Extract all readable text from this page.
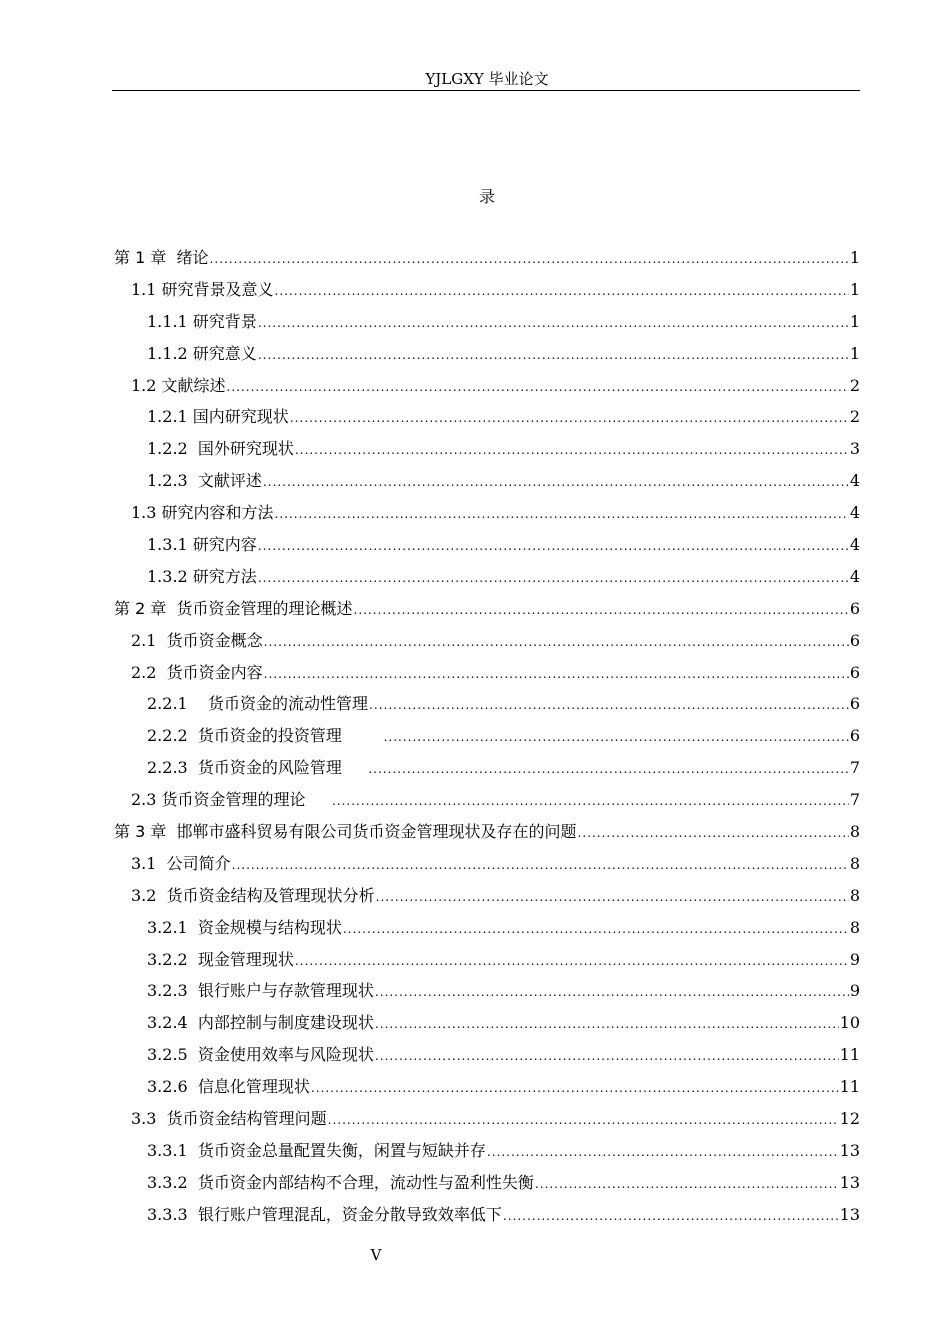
YJLGXY 毕业论文
录
第 1 章  绪论 .....	1
1.1 研究背景及意义 .....	1
1.1.1 研究背景 .....	1
1.1.2 研究意义 .....	1
1.2 文献综述 .....	2
1.2.1 国内研究现状 .....	2
1.2.2  国外研究现状 .....	3
1.2.3  文献评述 .....	4
1.3 研究内容和方法 .....	4
1.3.1 研究内容 .....	4
1.3.2 研究方法 .....	4
第 2 章  货币资金管理的理论概述 .....	6
2.1  货币资金概念 .....	6
2.2  货币资金内容 .....	6
2.2.1    货币资金的流动性管理 .....	6
2.2.2  货币资金的投资管理 .....	6
2.2.3  货币资金的风险管理 .....	7
2.3 货币资金管理的理论 .....	7
第 3 章  邯郸市盛科贸易有限公司货币资金管理现状及存在的问题 .....	8
3.1  公司简介 .....	8
3.2  货币资金结构及管理现状分析 .....	8
3.2.1  资金规模与结构现状 .....	8
3.2.2  现金管理现状 .....	9
3.2.3  银行账户与存款管理现状 .....	9
3.2.4  内部控制与制度建设现状 .....	10
3.2.5  资金使用效率与风险现状 .....	11
3.2.6  信息化管理现状 .....	11
3.3  货币资金结构管理问题 .....	12
3.3.1  货币资金总量配置失衡，闲置与短缺并存 .....	13
3.3.2  货币资金内部结构不合理，流动性与盈利性失衡 .....	13
3.3.3  银行账户管理混乱，资金分散导致效率低下 .....	13
V
